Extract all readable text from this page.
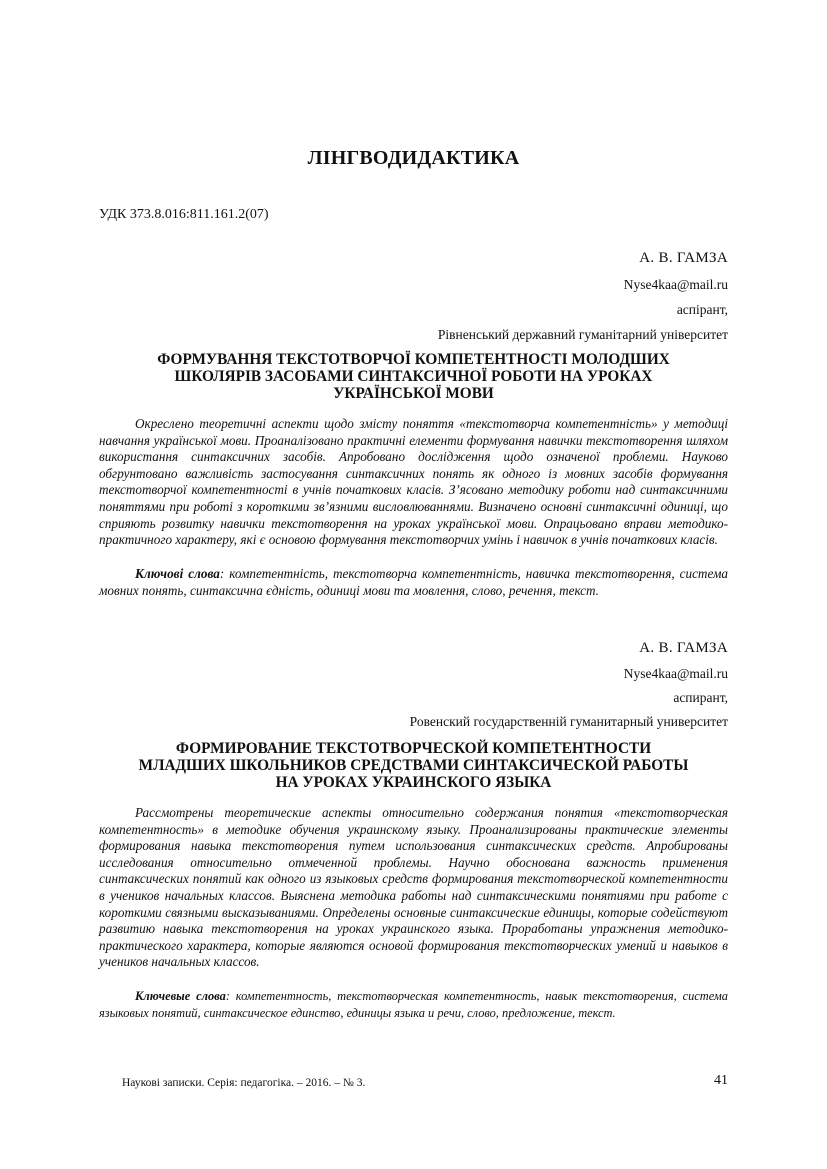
ЛІНГВОДИДАКТИКА
УДК 373.8.016:811.161.2(07)
А. В. ГАМЗА
Nyse4kaa@mail.ru
аспірант,
Рівненський державний гуманітарний університет
ФОРМУВАННЯ ТЕКСТОТВОРЧОЇ КОМПЕТЕНТНОСТІ МОЛОДШИХ
ШКОЛЯРІВ ЗАСОБАМИ СИНТАКСИЧНОЇ РОБОТИ НА УРОКАХ
УКРАЇНСЬКОЇ МОВИ

Окреслено теоретичні аспекти щодо змісту поняття «текстотворча компетентність» у методиці навчання української мови. Проаналізовано практичні елементи формування навички текстотворення шляхом використання синтаксичних засобів. Апробовано дослідження щодо означеної проблеми. Науково обгрунтовано важливість застосування синтаксичних понять як одного із мовних засобів формування текстотворчої компетентності в учнів початкових класів. З’ясовано методику роботи над синтаксичними поняттями при роботі з короткими зв’язними висловлюваннями. Визначено основні синтаксичні одиниці, що сприяють розвитку навички текстотворення на уроках української мови. Опрацьовано вправи методико-практичного характеру, які є основою формування текстотворчих умінь і навичок в учнів початкових класів.

Ключові слова: компетентність, текстотворча компетентність, навичка текстотворення, система мовних понять, синтаксична єдність, одиниці мови та мовлення, слово, речення, текст.

А. В. ГАМЗА
Nyse4kaa@mail.ru
аспирант,
Ровенский государственній гуманитарный университет
ФОРМИРОВАНИЕ ТЕКСТОТВОРЧЕСКОЙ КОМПЕТЕНТНОСТИ
МЛАДШИХ ШКОЛЬНИКОВ СРЕДСТВАМИ СИНТАКСИЧЕСКОЙ РАБОТЫ
НА УРОКАХ УКРАИНСКОГО ЯЗЫКА

Рассмотрены теоретические аспекты относительно содержания понятия «текстотворческая компетентность» в методике обучения украинскому языку. Проанализированы практические элементы формирования навыка текстотворения путем использования синтаксических средств. Апробированы исследования относительно отмеченной проблемы. Научно обоснована важность применения синтаксических понятий как одного из языковых средств формирования текстотворческой компетентности в учеников начальных классов. Выяснена методика работы над синтаксическими понятиями при работе с короткими связными высказываниями. Определены основные синтаксические единицы, которые содействуют развитию навыка текстотворения на уроках украинского языка. Проработаны упражнения методико-практического характера, которые являются основой формирования текстотворческих умений и навыков в учеников начальных классов.

Ключевые слова: компетентность, текстотворческая компетентность, навык текстотворения, система языковых понятий, синтаксическое единство, единицы языка и речи, слово, предложение, текст.

Наукові записки. Серія: педагогіка. – 2016. – № 3.	41
